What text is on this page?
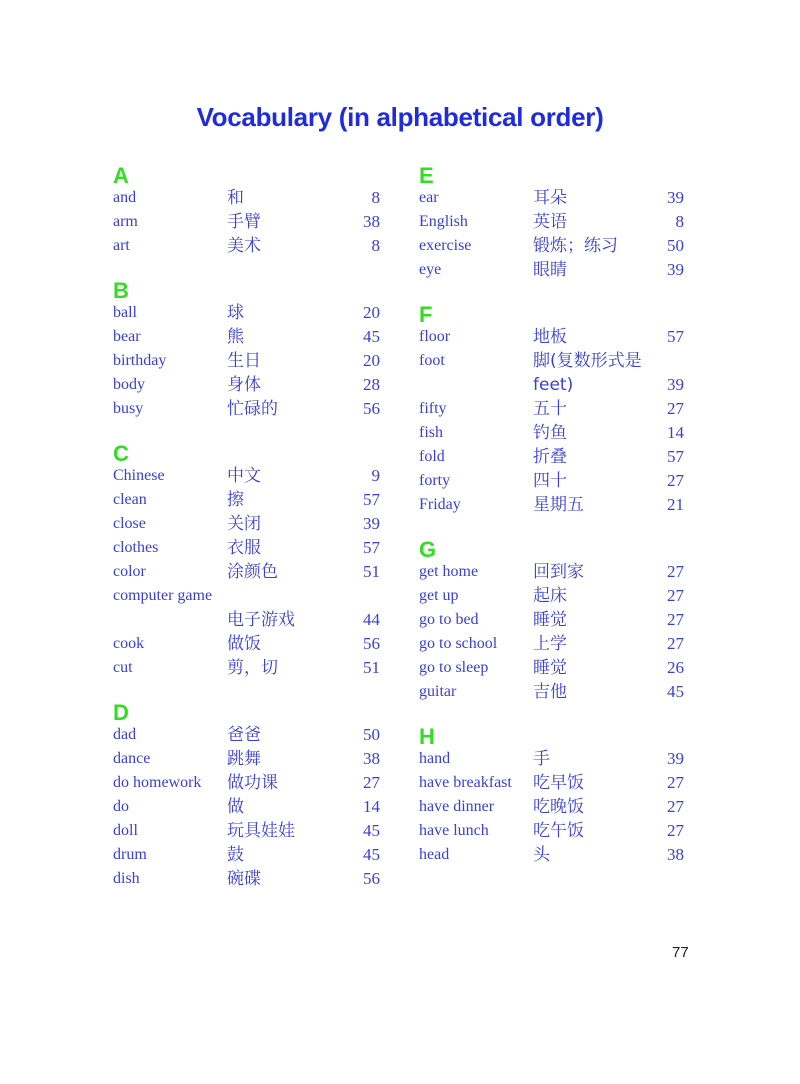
Vocabulary (in alphabetical order)
A
and	和	8
arm	手臂	38
art	美术	8
B
ball	球	20
bear	熊	45
birthday	生日	20
body	身体	28
busy	忙碌的	56
C
Chinese	中文	9
clean	擦	57
close	关闭	39
clothes	衣服	57
color	涂颜色	51
computer game
电子游戏	44
cook	做饭	56
cut	剪，切	51
D
dad	爸爸	50
dance	跳舞	38
do homework 做功课	27
do	做	14
doll	玩具娃娃	45
drum	鼓	45
dish	碗碟	56
E
ear	耳朵	39
English	英语	8
exercise	锻炼；练习	50
eye	眼睛	39
F
floor	地板	57
foot	脚(复数形式是
feet)	39
fifty	五十	27
fish	钓鱼	14
fold	折叠	57
forty	四十	27
Friday	星期五	21
G
get home	回到家	27
get up	起床	27
go to bed	睡觉	27
go to school 上学	27
go to sleep	睡觉	26
guitar	吉他	45
H
hand	手	39
have breakfast 吃早饭	27
have dinner 吃晚饭	27
have lunch	吃午饭	27
head	头	38
77
